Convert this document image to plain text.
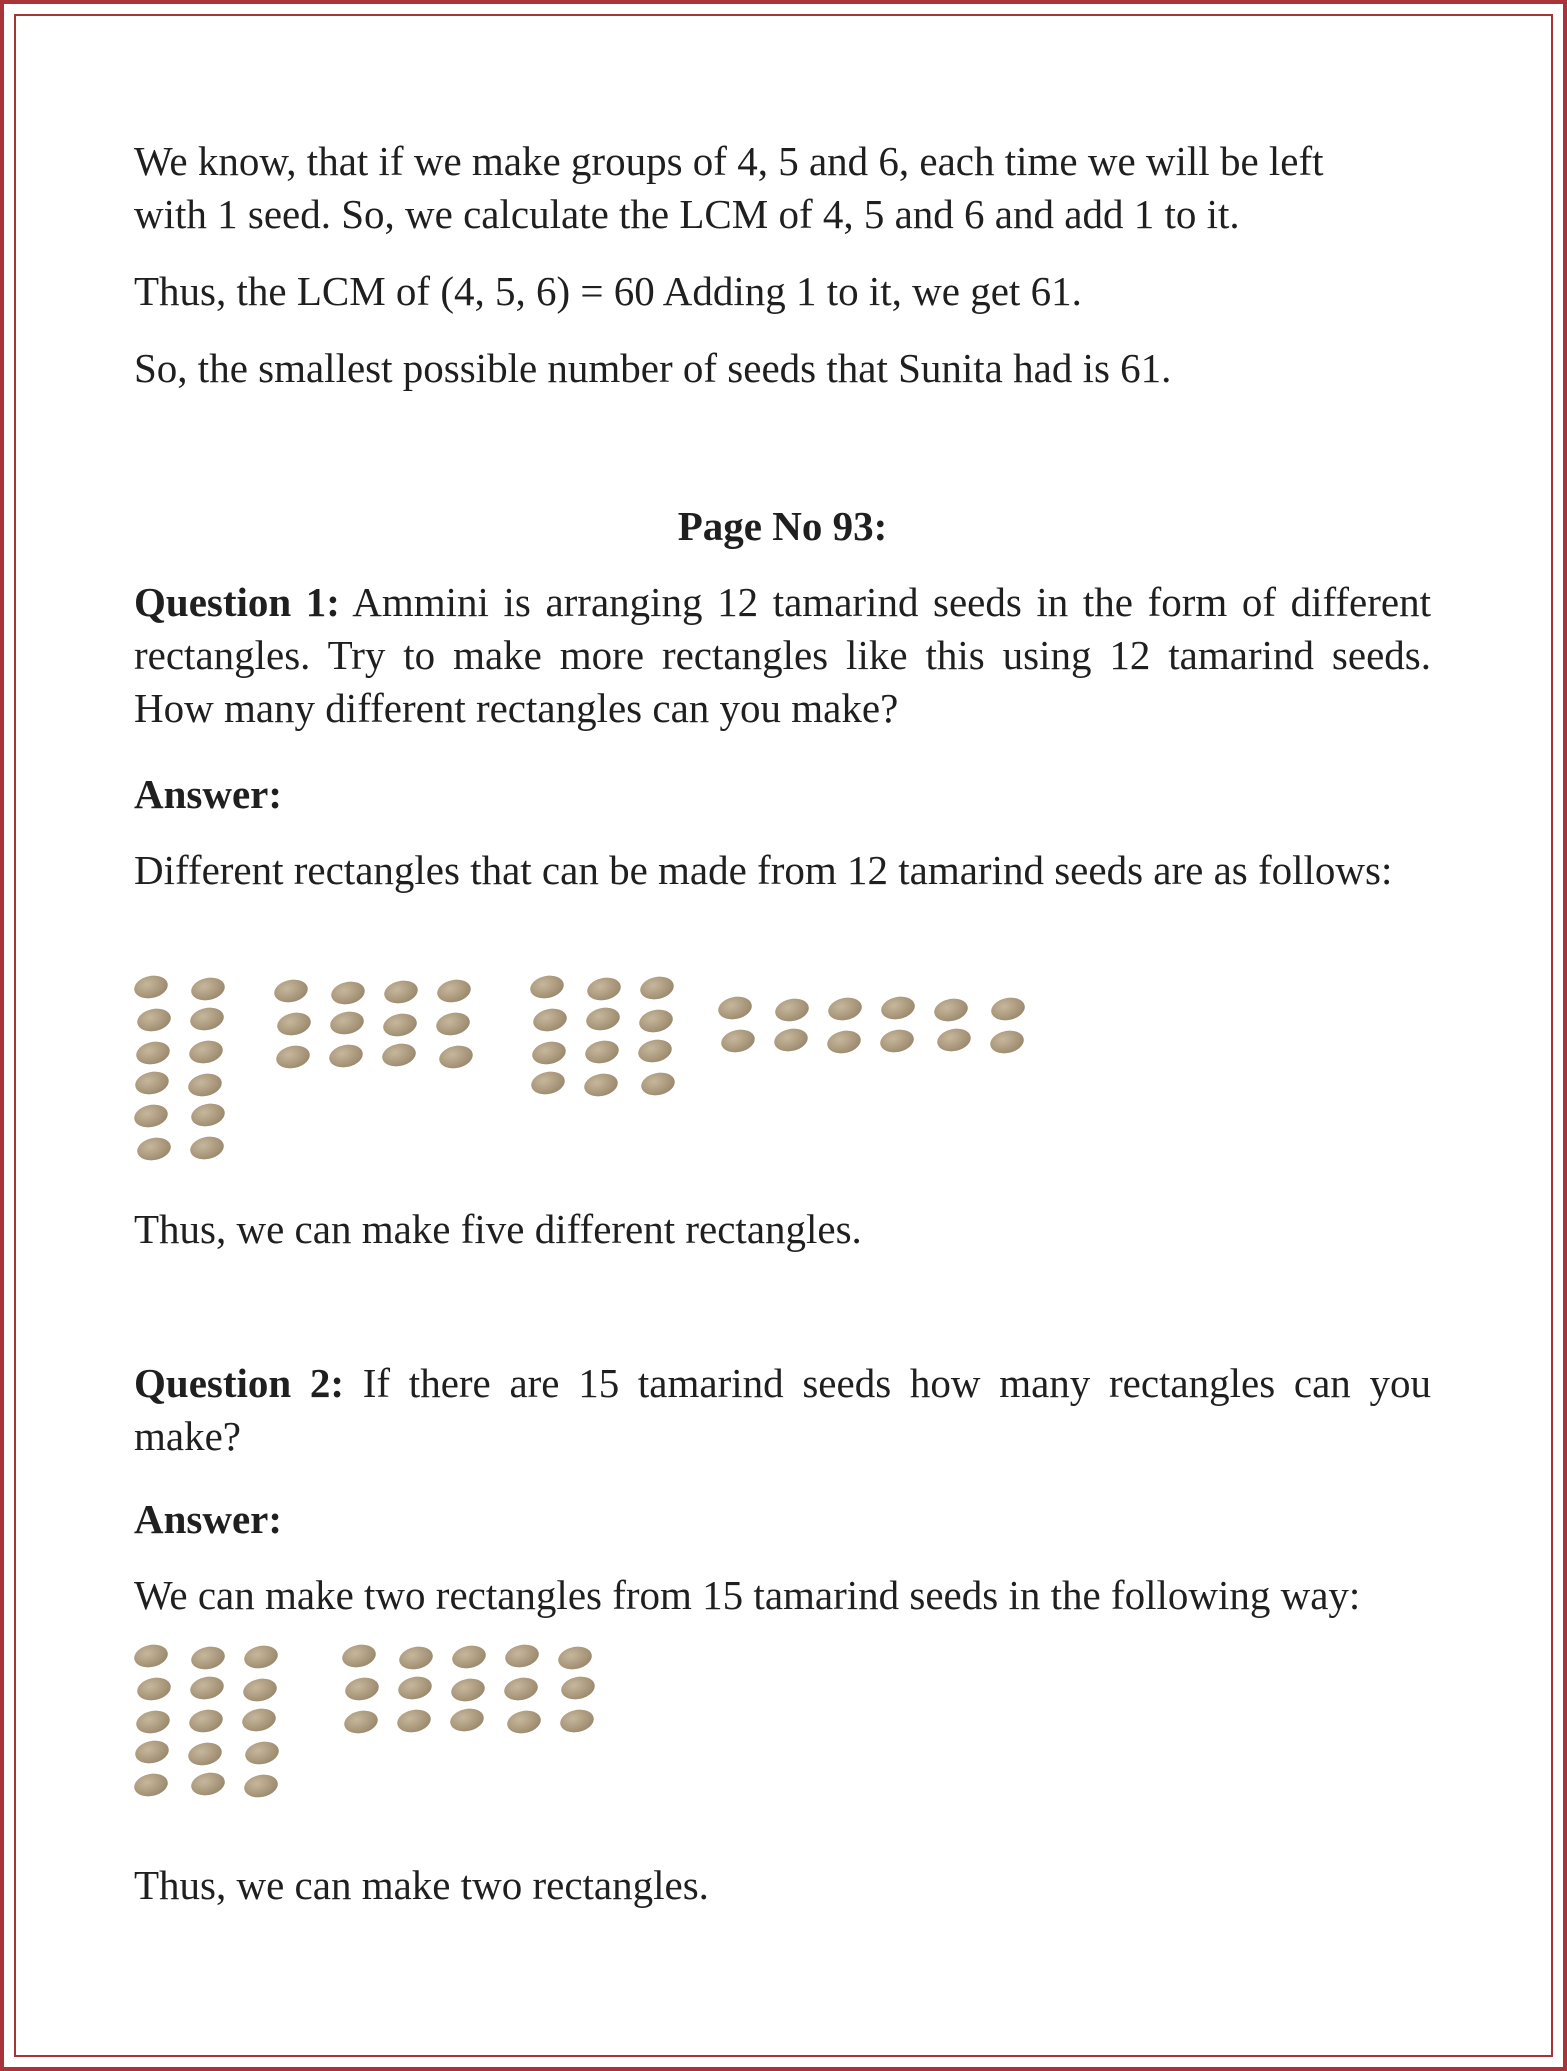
We know, that if we make groups of 4, 5 and 6, each time we will be left

with 1 seed. So, we calculate the LCM of 4, 5 and 6 and add 1 to it.

Thus, the LCM of (4, 5, 6) = 60 Adding 1 to it, we get 61.

So, the smallest possible number of seeds that Sunita had is 61.

Page No 93:

Question 1: Ammini is arranging 12 tamarind seeds in the form of different rectangles. Try to make more rectangles like this using 12 tamarind seeds. How many different rectangles can you make?

Answer:

Different rectangles that can be made from 12 tamarind seeds are as follows:

Thus, we can make five different rectangles.

Question 2: If there are 15 tamarind seeds how many rectangles can you make?

Answer:

We can make two rectangles from 15 tamarind seeds in the following way:

Thus, we can make two rectangles.
